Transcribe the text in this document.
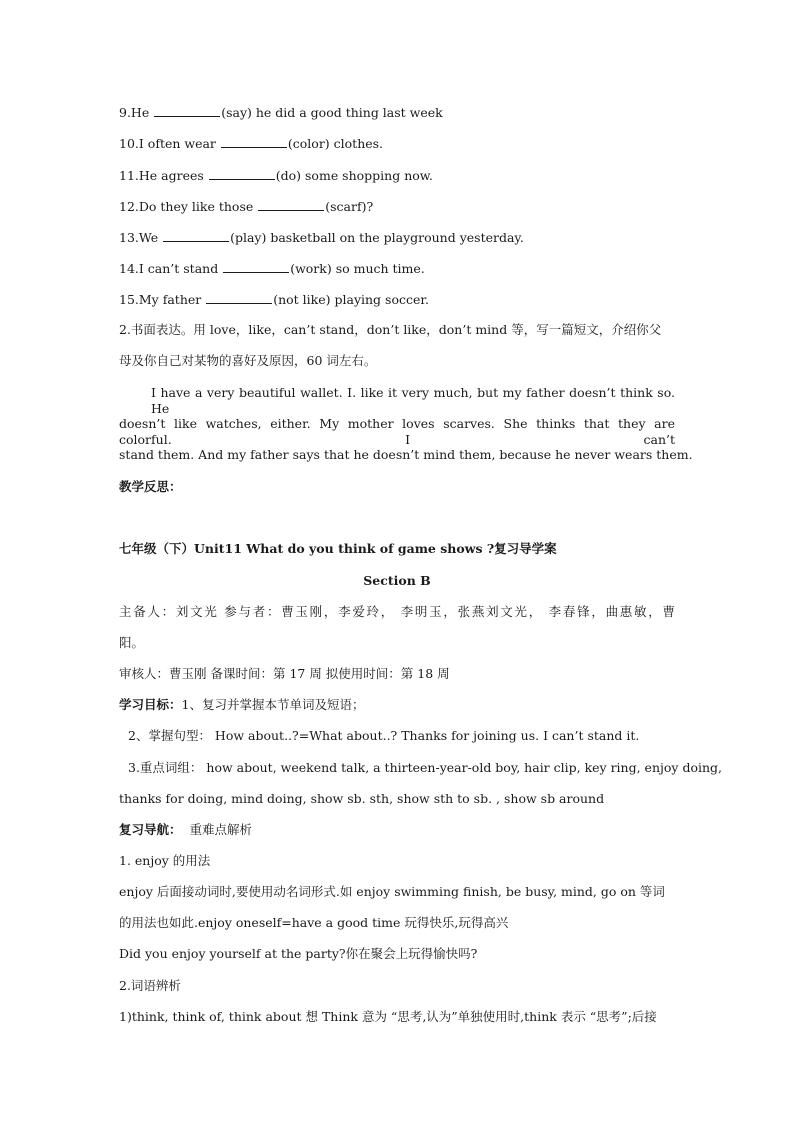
9.He	(say) he did a good thing last week
10.I often wear	(color) clothes.
11.He agrees	(do) some shopping now.
12.Do they like those	(scarf)?
13.We	(play) basketball on the playground yesterday.
14.I can’t stand	(work) so much time.
15.My father	(not like) playing soccer.
2.书面表达。用 love，like，can’t stand，don’t like，don’t mind 等，写一篇短文，介绍你父
母及你自己对某物的喜好及原因，60 词左右。
I have a very beautiful wallet. I. like it very much, but my father doesn’t think so. He
doesn’t like watches, either. My mother loves scarves. She thinks that they are colorful. I can’t
stand them. And my father says that he doesn’t mind them, because he never wears them.
教学反思：
七年级（下）Unit11 What do you think of game shows ?复习导学案
Section B
主备人：刘文光 参与者：曹玉刚，李爱玲， 李明玉，张燕刘文光， 李春锋，曲惠敏，曹
阳。
审核人：曹玉刚 备课时间：第 17 周 拟使用时间：第 18 周
学习目标：1、复习并掌握本节单词及短语；
2、掌握句型： How about..?=What about..? Thanks for joining us. I can’t stand it.
3.重点词组： how about, weekend talk, a thirteen-year-old boy, hair clip, key ring, enjoy doing,
thanks for doing, mind doing, show sb. sth, show sth to sb. , show sb around
复习导航： 重难点解析
1. enjoy 的用法
enjoy 后面接动词时,要使用动名词形式.如 enjoy swimming finish, be busy, mind, go on 等词
的用法也如此.enjoy oneself=have a good time 玩得快乐,玩得高兴
Did you enjoy yourself at the party?你在聚会上玩得愉快吗?
2.词语辨析
1)think, think of, think about 想 Think 意为 “思考,认为”单独使用时,think 表示 “思考”;后接
